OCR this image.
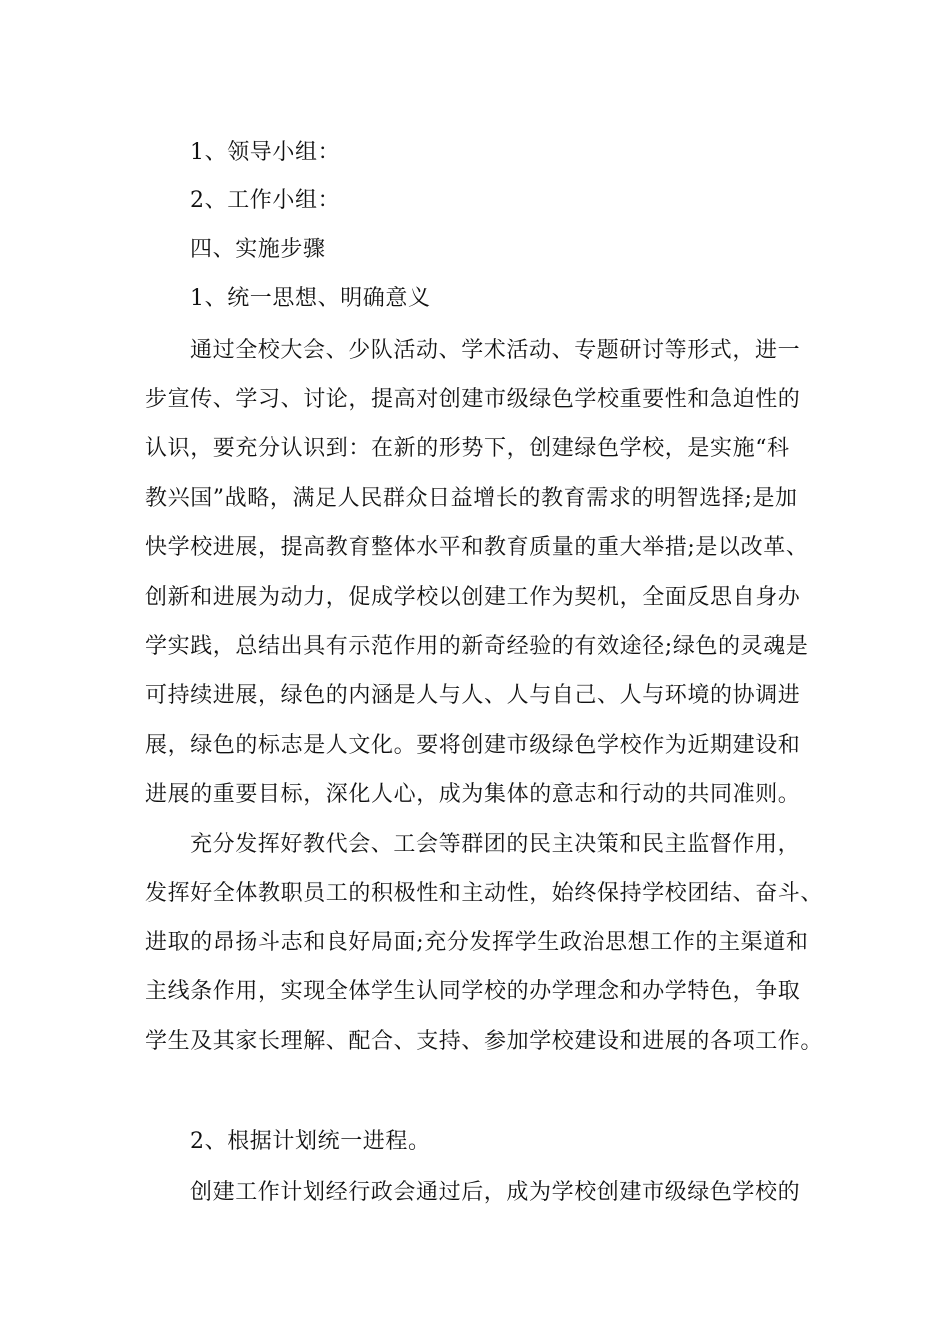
1、领导小组：
2、工作小组：
四、实施步骤
1、统一思想、明确意义
通过全校大会、少队活动、学术活动、专题研讨等形式，进一
步宣传、学习、讨论，提高对创建市级绿色学校重要性和急迫性的
认识，要充分认识到：在新的形势下，创建绿色学校，是实施“科
教兴国”战略，满足人民群众日益增长的教育需求的明智选择;是加
快学校进展，提高教育整体水平和教育质量的重大举措;是以改革、
创新和进展为动力，促成学校以创建工作为契机，全面反思自身办
学实践，总结出具有示范作用的新奇经验的有效途径;绿色的灵魂是
可持续进展，绿色的内涵是人与人、人与自己、人与环境的协调进
展，绿色的标志是人文化。要将创建市级绿色学校作为近期建设和
进展的重要目标，深化人心，成为集体的意志和行动的共同准则。
充分发挥好教代会、工会等群团的民主决策和民主监督作用，
发挥好全体教职员工的积极性和主动性，始终保持学校团结、奋斗、
进取的昂扬斗志和良好局面;充分发挥学生政治思想工作的主渠道和
主线条作用，实现全体学生认同学校的办学理念和办学特色，争取
学生及其家长理解、配合、支持、参加学校建设和进展的各项工作。
2、根据计划统一进程。
创建工作计划经行政会通过后，成为学校创建市级绿色学校的
